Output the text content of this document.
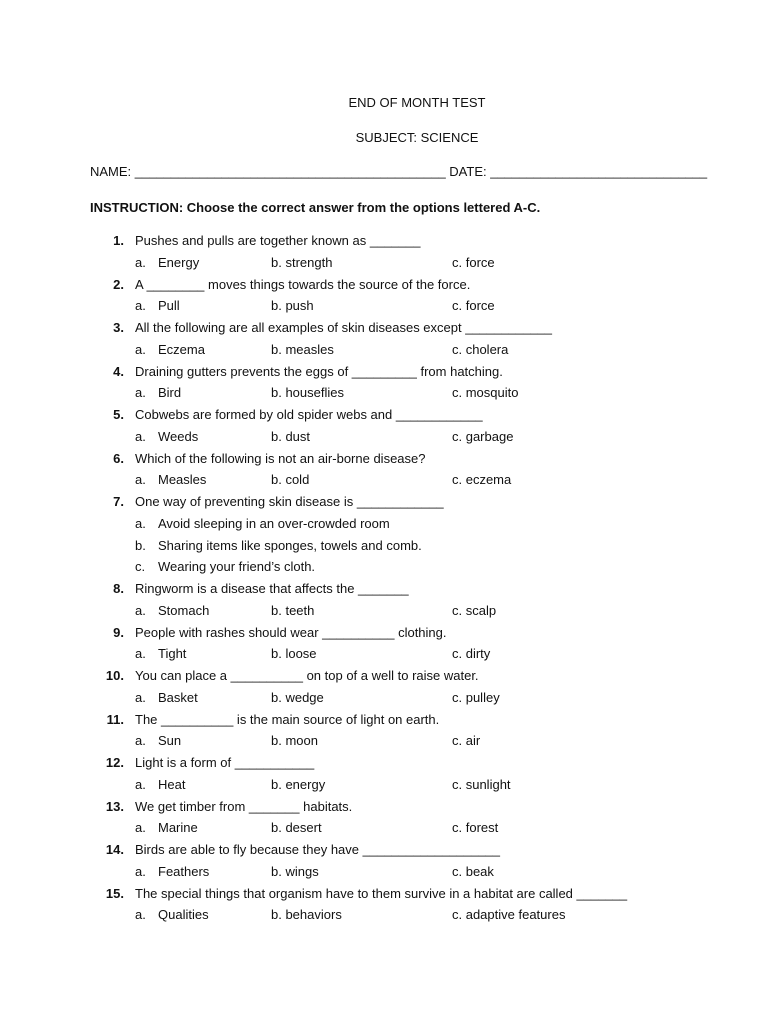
END OF MONTH TEST
SUBJECT: SCIENCE
NAME: ___________________________________________ DATE: ______________________________
INSTRUCTION: Choose the correct answer from the options lettered A-C.
1. Pushes and pulls are together known as _______
a. Energy	b. strength	c. force
2. A ________ moves things towards the source of the force.
a. Pull	b. push	c. force
3. All the following are all examples of skin diseases except ____________
a. Eczema	b. measles	c. cholera
4. Draining gutters prevents the eggs of _________ from hatching.
a. Bird	b. houseflies	c. mosquito
5. Cobwebs are formed by old spider webs and ____________
a. Weeds	b. dust	c. garbage
6. Which of the following is not an air-borne disease?
a. Measles	b. cold	c. eczema
7. One way of preventing skin disease is ____________
a. Avoid sleeping in an over-crowded room
b. Sharing items like sponges, towels and comb.
c. Wearing your friend’s cloth.
8. Ringworm is a disease that affects the _______
a. Stomach	b. teeth	c. scalp
9. People with rashes should wear __________ clothing.
a. Tight	b. loose	c. dirty
10. You can place a __________ on top of a well to raise water.
a. Basket	b. wedge	c. pulley
11. The __________ is the main source of light on earth.
a. Sun	b. moon	c. air
12. Light is a form of ___________
a. Heat	b. energy	c. sunlight
13. We get timber from _______ habitats.
a. Marine	b. desert	c. forest
14. Birds are able to fly because they have ___________________
a. Feathers	b. wings	c. beak
15. The special things that organism have to them survive in a habitat are called _______
a. Qualities	b. behaviors	c. adaptive features
